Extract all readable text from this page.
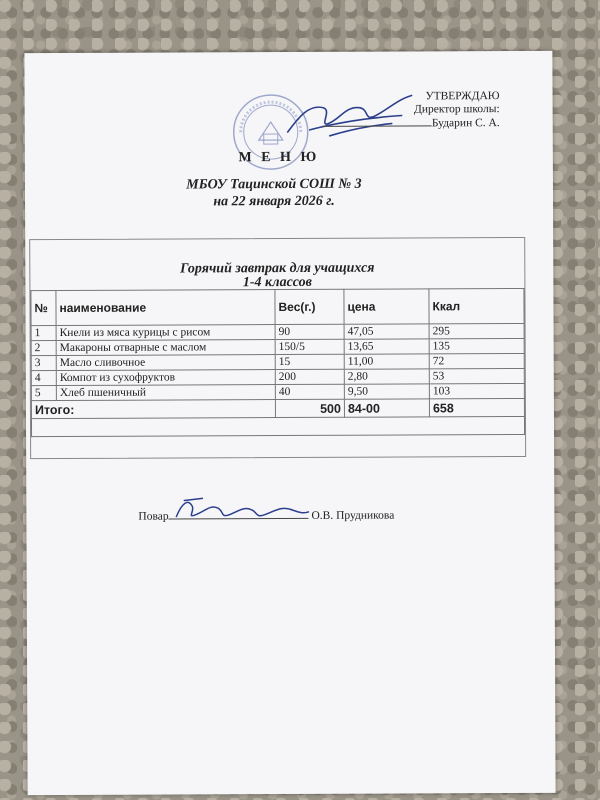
УТВЕРЖДАЮ
Директор школы:
Бударин С. А.
М Е Н Ю
МБОУ Тацинской СОШ № 3
на 22 января 2026 г.
Горячий завтрак для учащихся
1-4 классов
№	наименование	Вес(г.)	цена	Ккал
1	Кнели из мяса курицы с рисом	90	47,05	295
2	Макароны отварные с маслом	150/5	13,65	135
3	Масло сливочное	15	11,00	72
4	Компот из сухофруктов	200	2,80	53
5	Хлеб пшеничный	40	9,50	103
Итого:		500	84-00	658

Повар	О.В. Прудникова
